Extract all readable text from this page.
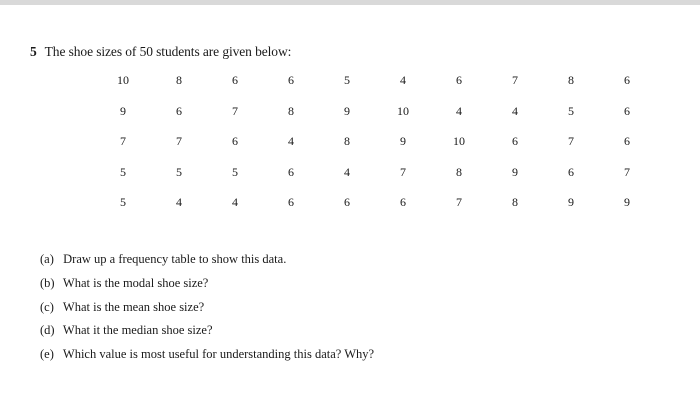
5 The shoe sizes of 50 students are given below:
10	8	6	6	5	4	6	7	8	6
9	6	7	8	9	10	4	4	5	6
7	7	6	4	8	9	10	6	7	6
5	5	5	6	4	7	8	9	6	7
5	4	4	6	6	6	7	8	9	9
(a) Draw up a frequency table to show this data.
(b) What is the modal shoe size?
(c) What is the mean shoe size?
(d) What it the median shoe size?
(e) Which value is most useful for understanding this data? Why?
